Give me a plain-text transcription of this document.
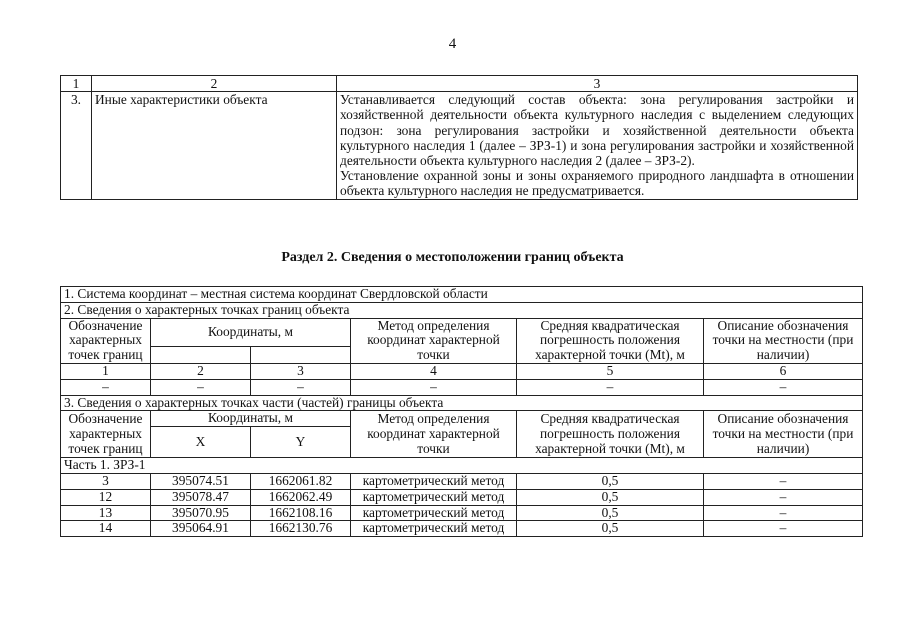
4
1	2	3
3.	Иные характеристики объекта	Устанавливается следующий состав объекта: зона регулирования застройки и хозяйственной деятельности объекта культурного наследия с выделением следующих подзон: зона регулирования застройки и хозяйственной деятельности объекта культурного наследия 1 (далее – ЗРЗ-1) и зона регулирования застройки и хозяйственной деятельности объекта культурного наследия 2 (далее – ЗРЗ-2).
Установление охранной зоны и зоны охраняемого природного ландшафта в отношении объекта культурного наследия не предусматривается.
Раздел 2. Сведения о местоположении границ объекта
1. Система координат – местная система координат Свердловской области					
2. Сведения о характерных точках границ объекта					
Обозначение характерных точек границ	Координаты, м		Метод определения координат характерной точки	Средняя квадратическая погрешность положения характерной точки (Mt), м	Описание обозначения точки на местности (при наличии)

1	2	3	4	5	6
–	–	–	–	–	–
3. Сведения о характерных точках части (частей) границы объекта					
Обозначение характерных точек границ	Координаты, м		Метод определения координат характерной точки	Средняя квадратическая погрешность положения характерной точки (Mt), м	Описание обозначения точки на местности (при наличии)
	X	Y			
Часть 1. ЗРЗ-1					
3	395074.51	1662061.82	картометрический метод	0,5	–
12	395078.47	1662062.49	картометрический метод	0,5	–
13	395070.95	1662108.16	картометрический метод	0,5	–
14	395064.91	1662130.76	картометрический метод	0,5	–
